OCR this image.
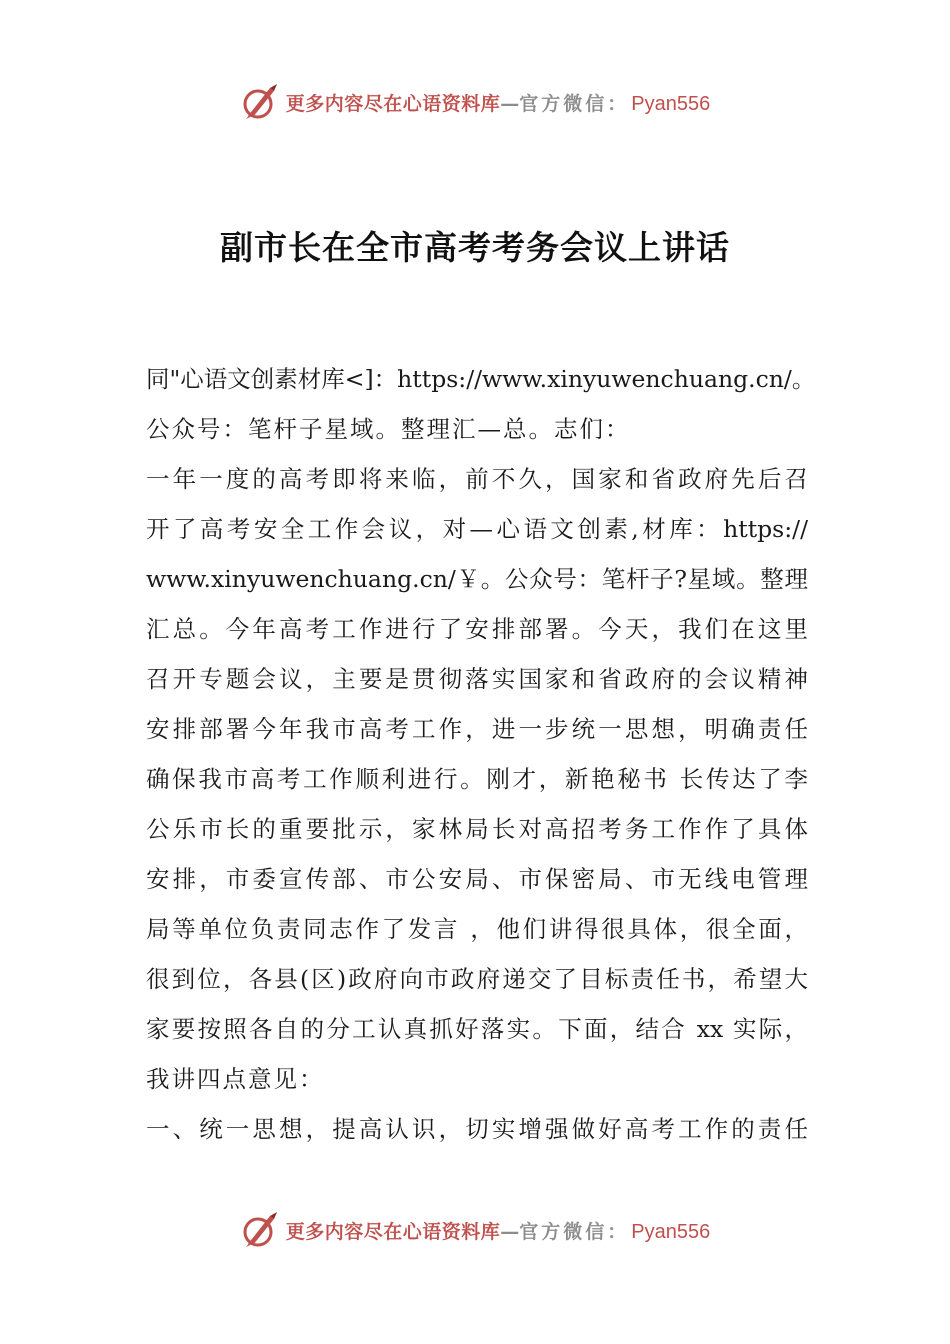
更多内容尽在心语资料库 — 官方微信： Pyan556
副市长在全市高考考务会议上讲话
同"心语文创素材库<]：https://www.xinyuwenchuang.cn/。
公众号：笔杆子星域。整理汇—总。志们：
一年一度的高考即将来临，前不久，国家和省政府先后召
开了高考安全工作会议，对—心语文创素,材库：https://
www.xinyuwenchuang.cn/￥。公众号：笔杆子?星域。整理
汇总。今年高考工作进行了安排部署。今天，我们在这里
召开专题会议，主要是贯彻落实国家和省政府的会议精神
安排部署今年我市高考工作，进一步统一思想，明确责任
确保我市高考工作顺利进行。刚才，新艳秘书 长传达了李
公乐市长的重要批示，家林局长对高招考务工作作了具体
安排，市委宣传部、市公安局、市保密局、市无线电管理
局等单位负责同志作了发言 ，他们讲得很具体，很全面，
很到位，各县(区)政府向市政府递交了目标责任书，希望大
家要按照各自的分工认真抓好落实。下面，结合 xx 实际，
我讲四点意见：
一、统一思想，提高认识，切实增强做好高考工作的责任
更多内容尽在心语资料库 — 官方微信： Pyan556
